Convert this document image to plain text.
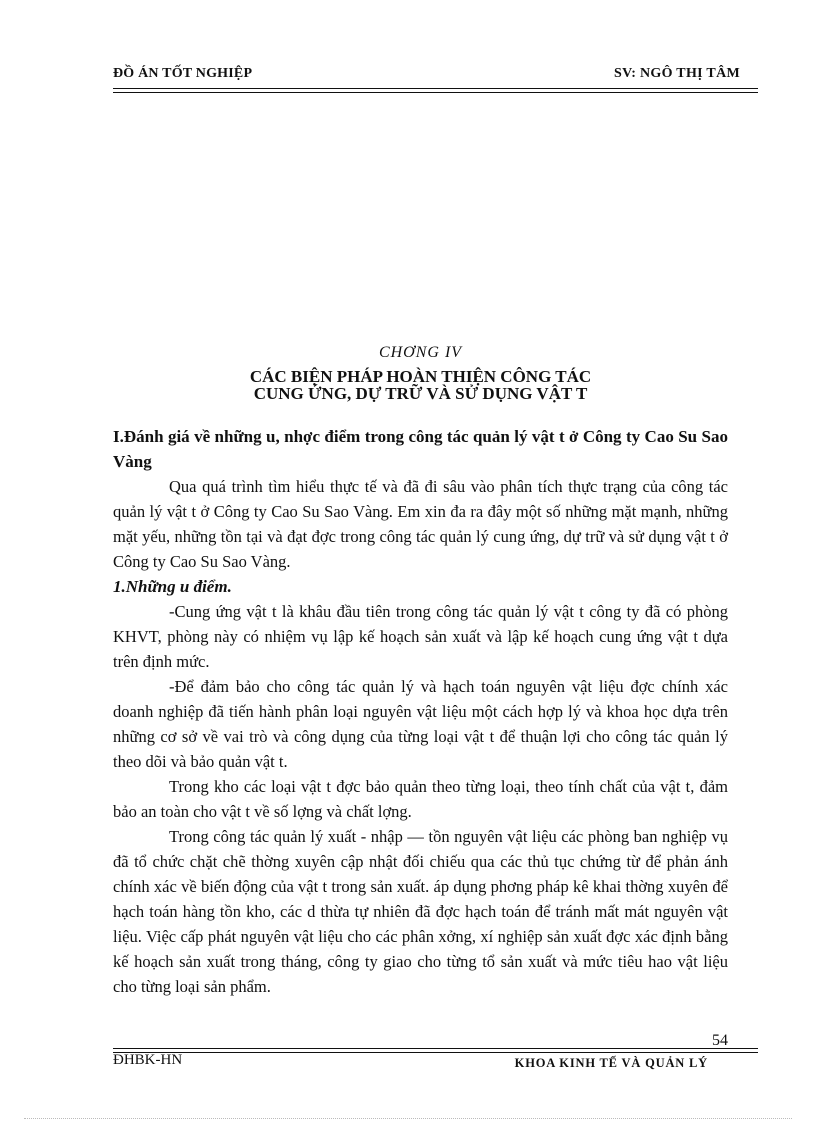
ĐỒ ÁN TỐT NGHIỆP	SV: NGÔ THỊ TÂM
CHƠNG IV
CÁC BIỆN PHÁP HOÀN THIỆN CÔNG TÁC
CUNG ỨNG, DỰ TRỮ VÀ SỬ DỤNG VẬT T

I.Đánh giá về những u, nhợc điểm trong công tác quản lý vật t ở Công ty Cao Su Sao Vàng

Qua quá trình tìm hiểu thực tế và đã đi sâu vào phân tích thực trạng của công tác quản lý vật t ở Công ty Cao Su Sao Vàng. Em xin đa ra đây một số những mặt mạnh, những mặt yếu, những tồn tại và đạt đợc trong công tác quản lý cung ứng, dự trữ và sử dụng vật t ở Công ty Cao Su Sao Vàng.

1.Những u điểm.

-Cung ứng vật t là khâu đầu tiên trong công tác quản lý vật t công ty đã có phòng KHVT, phòng này có nhiệm vụ lập kế hoạch sản xuất và lập kế hoạch cung ứng vật t dựa trên định mức.

-Để đảm bảo cho công tác quản lý và hạch toán nguyên vật liệu đợc chính xác doanh nghiệp đã tiến hành phân loại nguyên vật liệu một cách hợp lý và khoa học dựa trên những cơ sở về vai trò và công dụng của từng loại vật t để thuận lợi cho công tác quản lý theo dõi và bảo quản vật t.

Trong kho các loại vật t đợc bảo quản theo từng loại, theo tính chất của vật t, đảm bảo an toàn cho vật t về số lợng và chất lợng.

Trong công tác quản lý xuất - nhập — tồn nguyên vật liệu các phòng ban nghiệp vụ đã tổ chức chặt chẽ thờng xuyên cập nhật đối chiếu qua các thủ tục chứng từ để phản ánh chính xác về biến động của vật t trong sản xuất. áp dụng phơng pháp kê khai thờng xuyên để hạch toán hàng tồn kho, các d thừa tự nhiên đã đợc hạch toán để tránh mất mát nguyên vật liệu. Việc cấp phát nguyên vật liệu cho các phân xởng, xí nghiệp sản xuất đợc xác định bằng kế hoạch sản xuất trong tháng, công ty giao cho từng tổ sản xuất và mức tiêu hao vật liệu cho từng loại sản phẩm.

54
ĐHBK-HN	KHOA KINH TẾ VÀ QUẢN LÝ
